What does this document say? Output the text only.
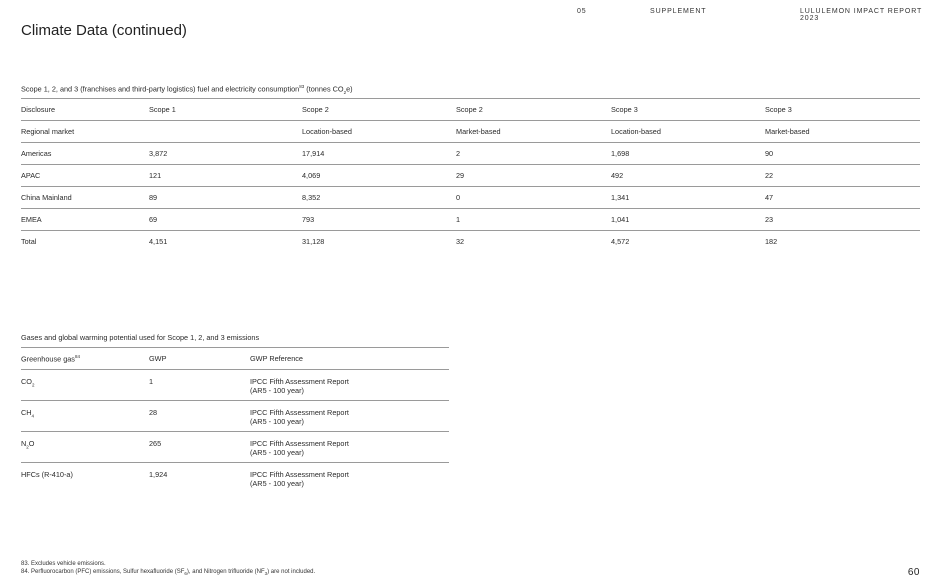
05	SUPPLEMENT	LULULEMON IMPACT REPORT 2023
Climate Data (continued)
Scope 1, 2, and 3 (franchises and third-party logistics) fuel and electricity consumption$^{83}$ (tonnes $CO_2e$)
Disclosure	Scope 1	Scope 2	Scope 2	Scope 3	Scope 3
Regional market		Location-based	Market-based	Location-based	Market-based
Americas	3,872	17,914	2	1,698	90
APAC	121	4,069	29	492	22
China Mainland	89	8,352	0	1,341	47
EMEA	69	793	1	1,041	23
Total	4,151	31,128	32	4,572	182
Gases and global warming potential used for Scope 1, 2, and 3 emissions
Greenhouse gas$^{84}$	GWP	GWP Reference
$CO_2$	1	IPCC Fifth Assessment Report
(AR5 - 100 year)

$CH_4$	28	IPCC Fifth Assessment Report
(AR5 - 100 year)

$N_2O$	265	IPCC Fifth Assessment Report
(AR5 - 100 year)

HFCs (R-410-a)	1,924	IPCC Fifth Assessment Report
(AR5 - 100 year)
83. Excludes vehicle emissions.
84. Perfluorocarbon (PFC) emissions, Sulfur hexafluoride $(SF_6)$, and Nitrogen trifluoride $(NF_3)$ are not included.	60
